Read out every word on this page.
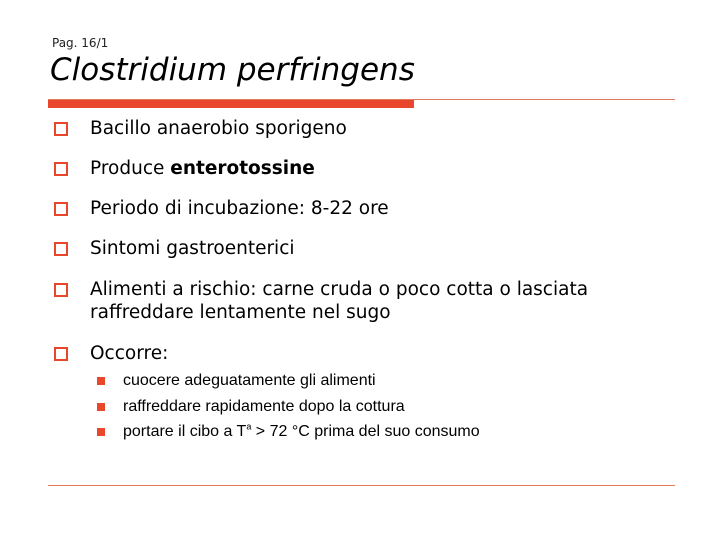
Pag. 16/1
Clostridium perfringens
Bacillo anaerobio sporigeno
Produce enterotossine
Periodo di incubazione: 8-22 ore
Sintomi gastroenterici
Alimenti a rischio: carne cruda o poco cotta o lasciata raffreddare lentamente nel sugo
Occorre:
cuocere adeguatamente gli alimenti
raffreddare rapidamente dopo la cottura
portare il cibo a $T^a > 72$ °C prima del suo consumo
